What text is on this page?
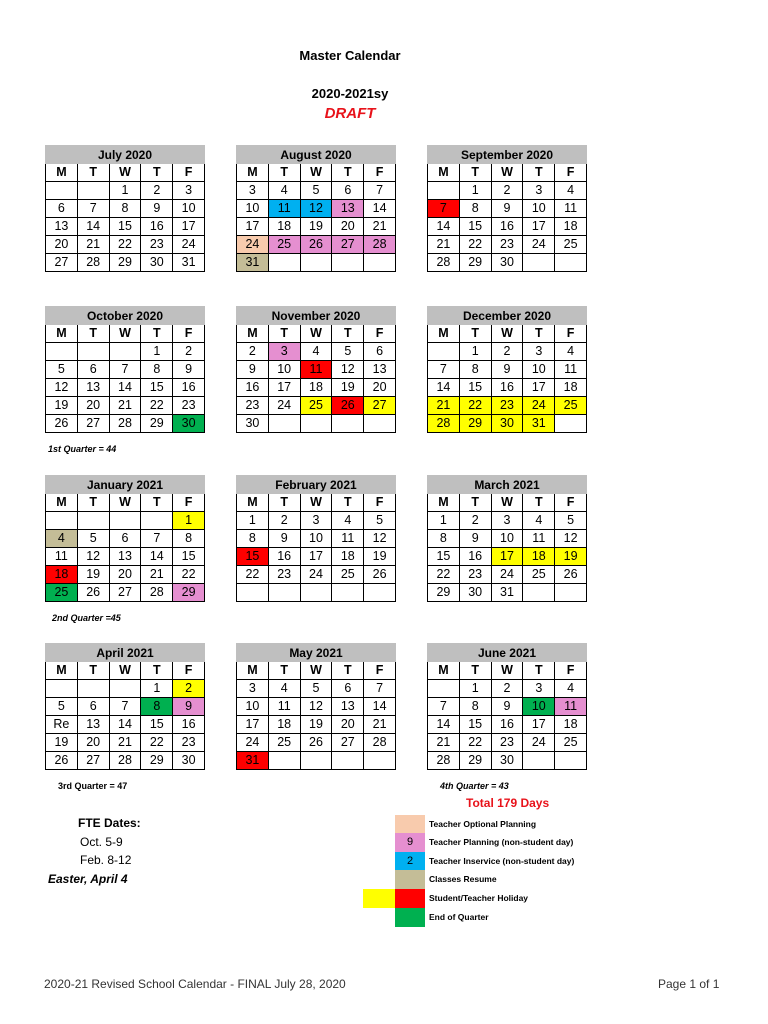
Master Calendar
2020-2021sy
DRAFT
July 2020				
M	T	W	T	F
		1	2	3
6	7	8	9	10
13	14	15	16	17
20	21	22	23	24
27	28	29	30	31
August 2020				
M	T	W	T	F
3	4	5	6	7
10	11	12	13	14
17	18	19	20	21
24	25	26	27	28
31				
September 2020				
M	T	W	T	F
	1	2	3	4
7	8	9	10	11
14	15	16	17	18
21	22	23	24	25
28	29	30		
October 2020				
M	T	W	T	F
			1	2
5	6	7	8	9
12	13	14	15	16
19	20	21	22	23
26	27	28	29	30
November 2020				
M	T	W	T	F
2	3	4	5	6
9	10	11	12	13
16	17	18	19	20
23	24	25	26	27
30				
December 2020				
M	T	W	T	F
	1	2	3	4
7	8	9	10	11
14	15	16	17	18
21	22	23	24	25
28	29	30	31	
January 2021				
M	T	W	T	F
				1
4	5	6	7	8
11	12	13	14	15
18	19	20	21	22
25	26	27	28	29
February 2021				
M	T	W	T	F
1	2	3	4	5
8	9	10	11	12
15	16	17	18	19
22	23	24	25	26

March 2021				
M	T	W	T	F
1	2	3	4	5
8	9	10	11	12
15	16	17	18	19
22	23	24	25	26
29	30	31		
April 2021				
M	T	W	T	F
			1	2
5	6	7	8	9
Re	13	14	15	16
19	20	21	22	23
26	27	28	29	30
May 2021				
M	T	W	T	F
3	4	5	6	7
10	11	12	13	14
17	18	19	20	21
24	25	26	27	28
31				
June 2021				
M	T	W	T	F
	1	2	3	4
7	8	9	10	11
14	15	16	17	18
21	22	23	24	25
28	29	30		
1st Quarter = 44
2nd Quarter =45
3rd Quarter = 47	4th Quarter = 43
Total 179 Days
FTE Dates:
Oct. 5-9
Feb. 8-12
Easter, April 4
Teacher Optional Planning
9	Teacher Planning (non-student day)
2	Teacher Inservice (non-student day)
Classes Resume
Student/Teacher Holiday
End of Quarter
2020-21 Revised School Calendar - FINAL July 28, 2020	Page 1 of 1
